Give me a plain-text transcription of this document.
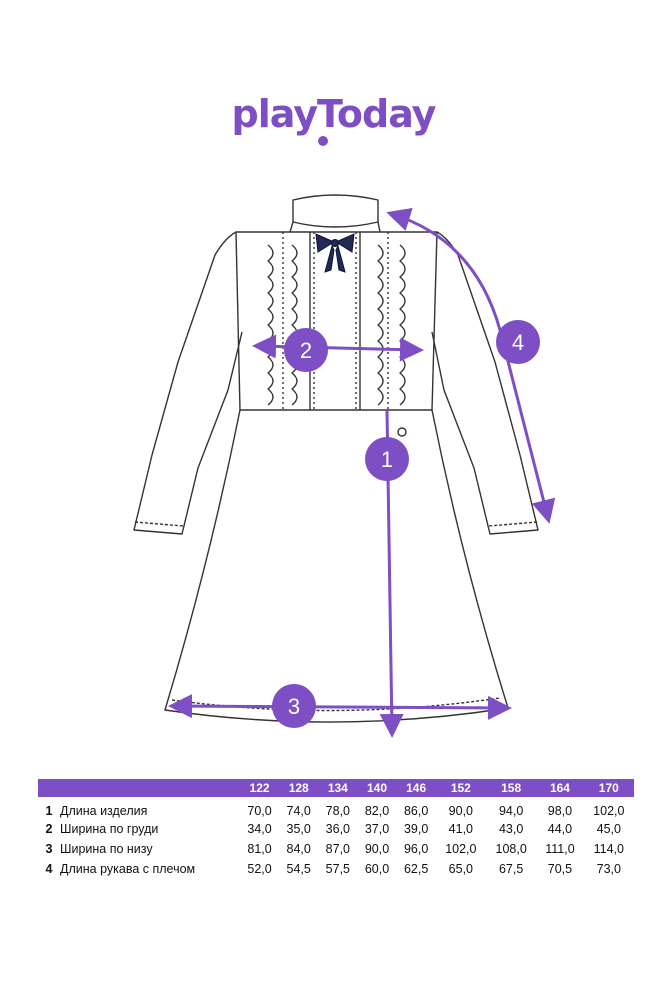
playToday
1
2
3
4
		122	128	134	140	146	152	158	164	170
1	Длина изделия	70,0	74,0	78,0	82,0	86,0	90,0	94,0	98,0	102,0
2	Ширина по груди	34,0	35,0	36,0	37,0	39,0	41,0	43,0	44,0	45,0
3	Ширина по низу	81,0	84,0	87,0	90,0	96,0	102,0	108,0	111,0	114,0
4	Длина рукава с плечом	52,0	54,5	57,5	60,0	62,5	65,0	67,5	70,5	73,0
